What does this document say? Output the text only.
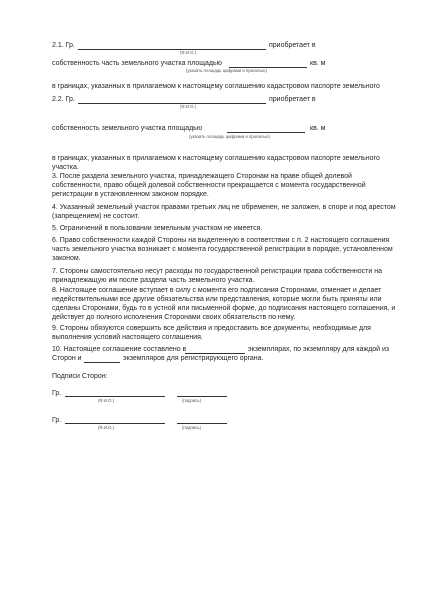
2.1. Гр.	приобретает в
(Ф.И.О.)
собственность часть земельного участка площадью	кв. м
(указать площадь цифрами и прописью)
в границах, указанных в прилагаемом к настоящему соглашению кадастровом паспорте земельного
2.2. Гр.	приобретает в
(Ф.И.О.)
собственность земельного участка площадью	кв. м
(указать площадь цифрами и прописью)
в границах, указанных в прилагаемом к настоящему соглашению кадастровом паспорте земельного
участка.
3. После раздела земельного участка, принадлежащего Сторонам на праве общей долевой
собственности, право общей долевой собственности прекращается с момента государственной
регистрации в установленном законом порядке.
4. Указанный земельный участок правами третьих лиц не обременен, не заложен, в споре и под арестом
(запрещением) не состоит.
5. Ограничений в пользовании земельным участком не имеется.
6. Право собственности каждой Стороны на выделенную в соответствии с п. 2 настоящего соглашения
часть земельного участка возникает с момента государственной регистрации в порядке, установленном
законом.
7. Стороны самостоятельно несут расходы по государственной регистрации права собственности на
принадлежащую им после раздела часть земельного участка.
8. Настоящее соглашение вступает в силу с момента его подписания Сторонами, отменяет и делает
недействительными все другие обязательства или представления, которые могли быть приняты или
сделаны Сторонами, будь то в устной или письменной форме, до подписания настоящего соглашения, и
действует до полного исполнения Сторонами своих обязательств по нему.
9. Стороны обязуются совершить все действия и предоставить все документы, необходимые для
выполнения условий настоящего соглашения.
10. Настоящее соглашение составлено в	экземплярах, по экземпляру для каждой из
Сторон и	экземпляров для регистрирующего органа.
Подписи Сторон:
Гр.
(Ф.И.О.)	(подпись)
Гр.
(Ф.И.О.)	(подпись)
